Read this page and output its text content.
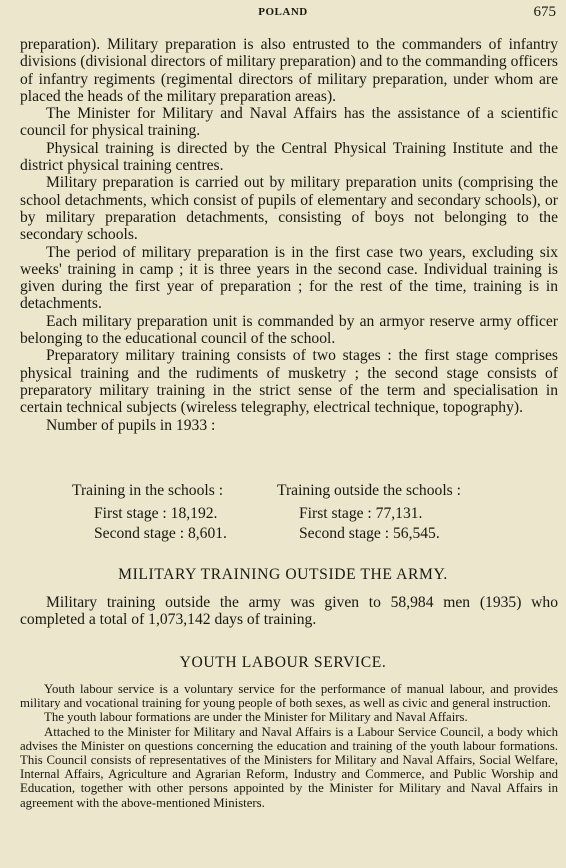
POLAND	675

preparation). Military preparation is also entrusted to the commanders of infantry divisions (divisional directors of military preparation) and to the commanding officers of infantry regiments (regimental directors of military preparation, under whom are placed the heads of the military preparation areas).

The Minister for Military and Naval Affairs has the assistance of a scientific council for physical training.

Physical training is directed by the Central Physical Training Institute and the district physical training centres.

Military preparation is carried out by military preparation units (comprising the school detachments, which consist of pupils of elementary and secondary schools), or by military preparation detachments, consisting of boys not belonging to the secondary schools.

The period of military preparation is in the first case two years, excluding six weeks' training in camp ; it is three years in the second case. Individual training is given during the first year of preparation ; for the rest of the time, training is in detachments.

Each military preparation unit is commanded by an armyor reserve army officer belonging to the educational council of the school.

Preparatory military training consists of two stages : the first stage comprises physical training and the rudiments of musketry ; the second stage consists of preparatory military training in the strict sense of the term and specialisation in certain technical subjects (wireless telegraphy, electrical technique, topography).

Number of pupils in 1933 :

Training in the schools :
First stage : 18,192.
Second stage : 8,601.
Training outside the schools :
First stage : 77,131.
Second stage : 56,545.
MILITARY TRAINING OUTSIDE THE ARMY.

Military training outside the army was given to 58,984 men (1935) who completed a total of 1,073,142 days of training.

YOUTH LABOUR SERVICE.

Youth labour service is a voluntary service for the performance of manual labour, and provides military and vocational training for young people of both sexes, as well as civic and general instruction.

The youth labour formations are under the Minister for Military and Naval Affairs.

Attached to the Minister for Military and Naval Affairs is a Labour Service Council, a body which advises the Minister on questions concerning the education and training of the youth labour formations. This Council consists of representatives of the Ministers for Military and Naval Affairs, Social Welfare, Internal Affairs, Agriculture and Agrarian Reform, Industry and Commerce, and Public Worship and Education, together with other persons appointed by the Minister for Military and Naval Affairs in agreement with the above-mentioned Ministers.
